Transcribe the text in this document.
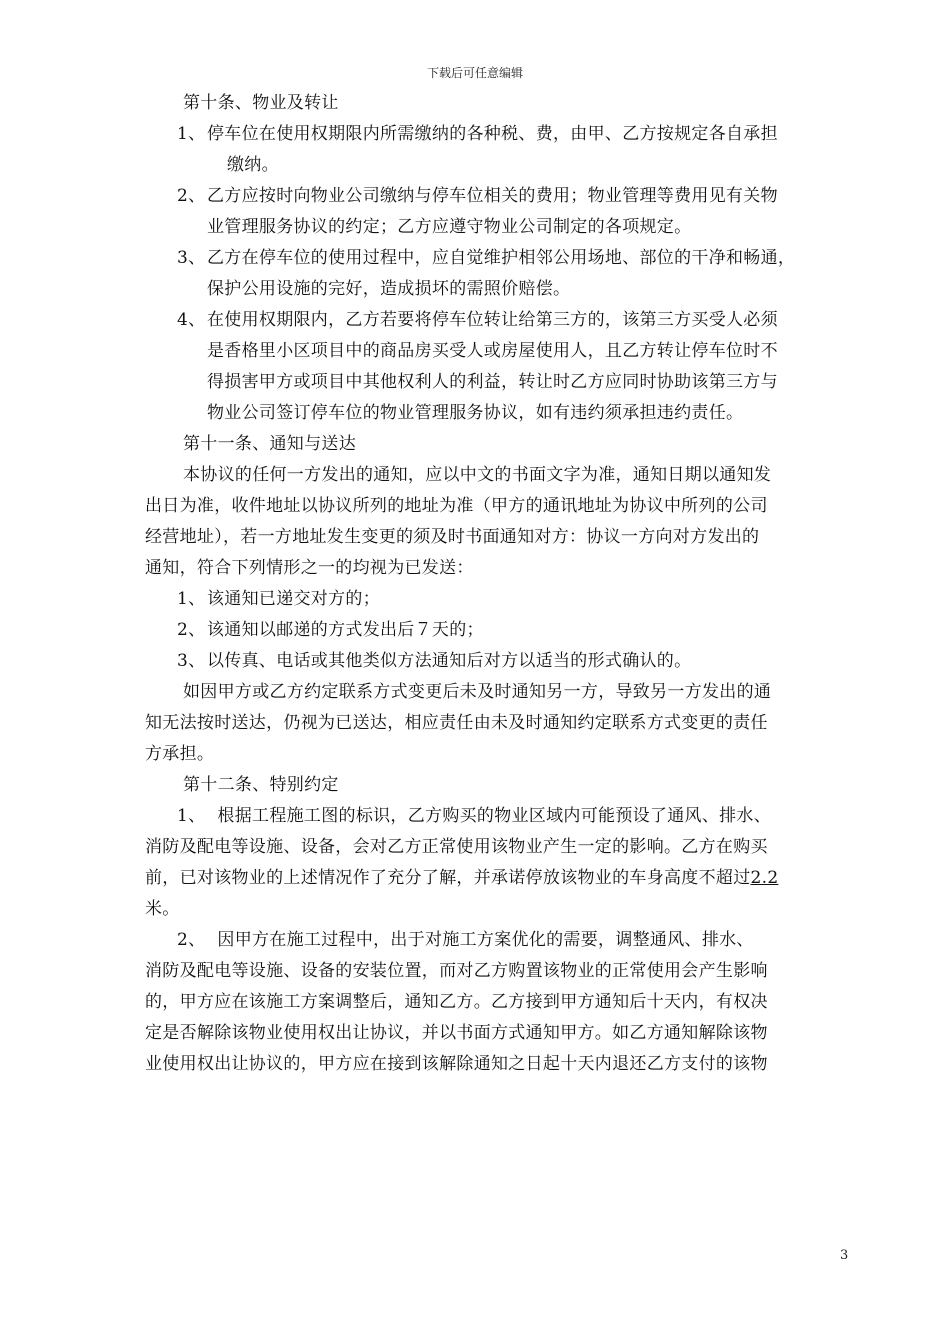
下载后可任意编辑

第十条、物业及转让

1、 停车位在使用权期限内所需缴纳的各种税、费，由甲、乙方按规定各自承担
缴纳。
2、 乙方应按时向物业公司缴纳与停车位相关的费用；物业管理等费用见有关物
业管理服务协议的约定；乙方应遵守物业公司制定的各项规定。
3、 乙方在停车位的使用过程中，应自觉维护相邻公用场地、部位的干净和畅通，
保护公用设施的完好，造成损坏的需照价赔偿。
4、 在使用权期限内，乙方若要将停车位转让给第三方的，该第三方买受人必须
是香格里小区项目中的商品房买受人或房屋使用人，且乙方转让停车位时不
得损害甲方或项目中其他权利人的利益，转让时乙方应同时协助该第三方与
物业公司签订停车位的物业管理服务协议，如有违约须承担违约责任。

第十一条、通知与送达

本协议的任何一方发出的通知，应以中文的书面文字为准，通知日期以通知发
出日为准，收件地址以协议所列的地址为准（甲方的通讯地址为协议中所列的公司
经营地址），若一方地址发生变更的须及时书面通知对方：协议一方向对方发出的
通知，符合下列情形之一的均视为已发送：

1、 该通知已递交对方的；
2、 该通知以邮递的方式发出后７天的；
3、 以传真、电话或其他类似方法通知后对方以适当的形式确认的。

如因甲方或乙方约定联系方式变更后未及时通知另一方，导致另一方发出的通
知无法按时送达，仍视为已送达，相应责任由未及时通知约定联系方式变更的责任
方承担。

第十二条、特别约定

1、 根据工程施工图的标识，乙方购买的物业区域内可能预设了通风、排水、
消防及配电等设施、设备，会对乙方正常使用该物业产生一定的影响。乙方在购买
前，已对该物业的上述情况作了充分了解，并承诺停放该物业的车身高度不超过2.2
米。

2、 因甲方在施工过程中，出于对施工方案优化的需要，调整通风、排水、
消防及配电等设施、设备的安装位置，而对乙方购置该物业的正常使用会产生影响
的，甲方应在该施工方案调整后，通知乙方。乙方接到甲方通知后十天内，有权决
定是否解除该物业使用权出让协议，并以书面方式通知甲方。如乙方通知解除该物
业使用权出让协议的，甲方应在接到该解除通知之日起十天内退还乙方支付的该物

3
